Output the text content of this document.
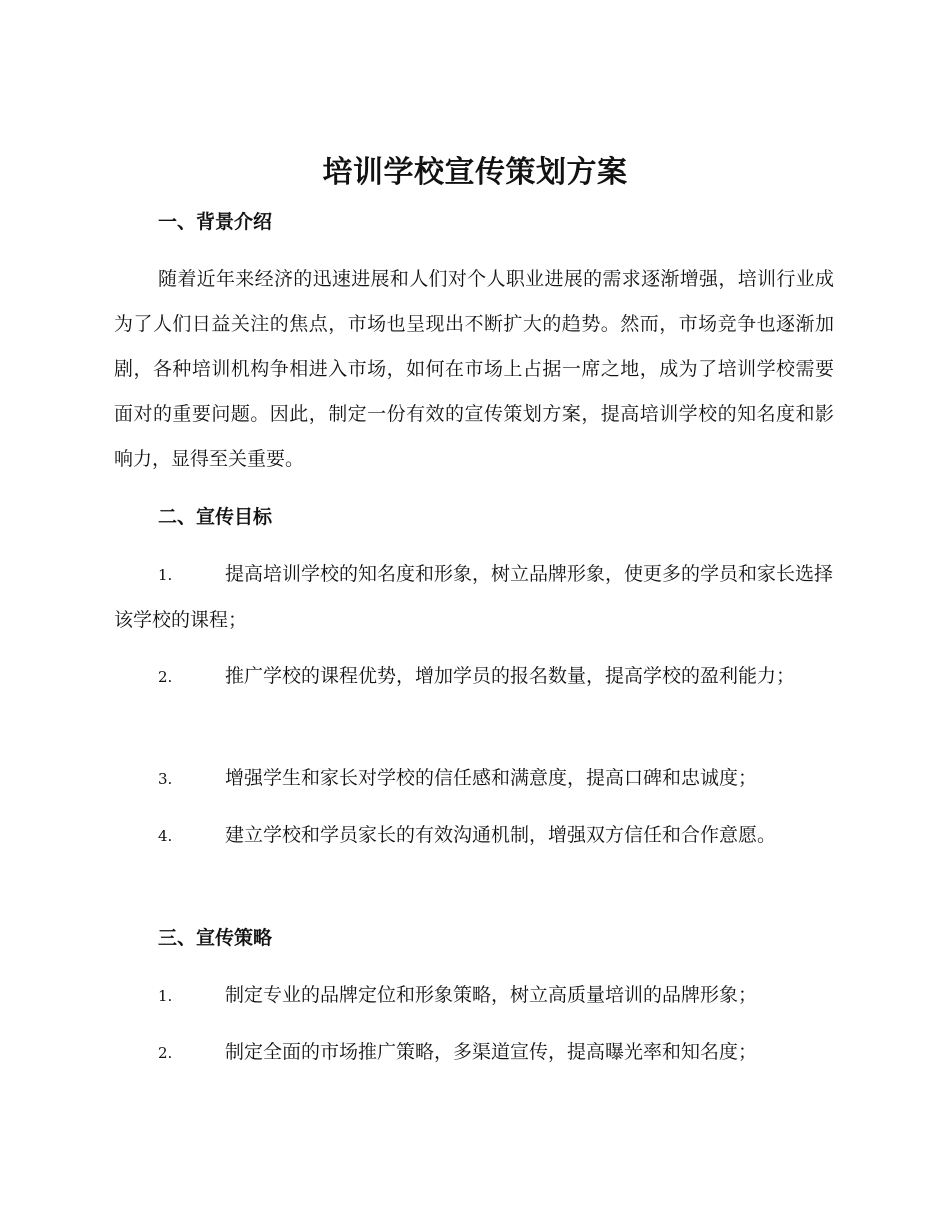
培训学校宣传策划方案
一、背景介绍
随着近年来经济的迅速进展和人们对个人职业进展的需求逐渐增强，培训行业成为了人们日益关注的焦点，市场也呈现出不断扩大的趋势。然而，市场竞争也逐渐加剧，各种培训机构争相进入市场，如何在市场上占据一席之地，成为了培训学校需要面对的重要问题。因此，制定一份有效的宣传策划方案，提高培训学校的知名度和影响力，显得至关重要。
二、宣传目标
1.	提高培训学校的知名度和形象，树立品牌形象，使更多的学员和家长选择该学校的课程；
2.	推广学校的课程优势，增加学员的报名数量，提高学校的盈利能力；
3.	增强学生和家长对学校的信任感和满意度，提高口碑和忠诚度；
4.	建立学校和学员家长的有效沟通机制，增强双方信任和合作意愿。
三、宣传策略
1.	制定专业的品牌定位和形象策略，树立高质量培训的品牌形象；
2.	制定全面的市场推广策略，多渠道宣传，提高曝光率和知名度；
